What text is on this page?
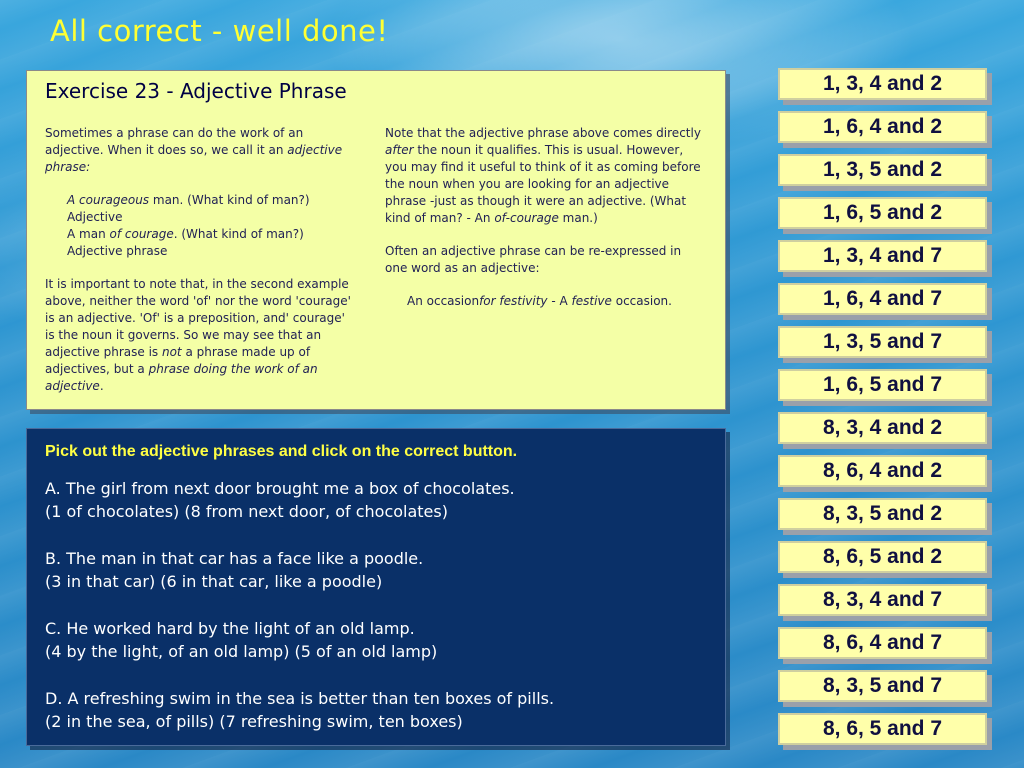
All correct - well done!
Exercise 23 - Adjective Phrase

Sometimes a phrase can do the work of an adjective. When it does so, we call it an adjective phrase:

A courageous man. (What kind of man?)
Adjective
A man of courage. (What kind of man?)
Adjective phrase

It is important to note that, in the second example above, neither the word 'of' nor the word 'courage' is an adjective. 'Of' is a preposition, and' courage' is the noun it governs. So we may see that an adjective phrase is not a phrase made up of adjectives, but a phrase doing the work of an adjective.

Note that the adjective phrase above comes directly after the noun it qualifies. This is usual. However, you may find it useful to think of it as coming before the noun when you are looking for an adjective phrase -just as though it were an adjective. (What kind of man? - An of-courage man.)

Often an adjective phrase can be re-expressed in one word as an adjective:

An occasionfor festivity - A festive occasion.
Pick out the adjective phrases and click on the correct button.
A. The girl from next door brought me a box of chocolates.
(1 of chocolates) (8 from next door, of chocolates)
B. The man in that car has a face like a poodle.
(3 in that car) (6 in that car, like a poodle)
C. He worked hard by the light of an old lamp.
(4 by the light, of an old lamp) (5 of an old lamp)
D. A refreshing swim in the sea is better than ten boxes of pills.
(2 in the sea, of pills) (7 refreshing swim, ten boxes)
1, 3, 4 and 2
1, 6, 4 and 2
1, 3, 5 and 2
1, 6, 5 and 2
1, 3, 4 and 7
1, 6, 4 and 7
1, 3, 5 and 7
1, 6, 5 and 7
8, 3, 4 and 2
8, 6, 4 and 2
8, 3, 5 and 2
8, 6, 5 and 2
8, 3, 4 and 7
8, 6, 4 and 7
8, 3, 5 and 7
8, 6, 5 and 7
